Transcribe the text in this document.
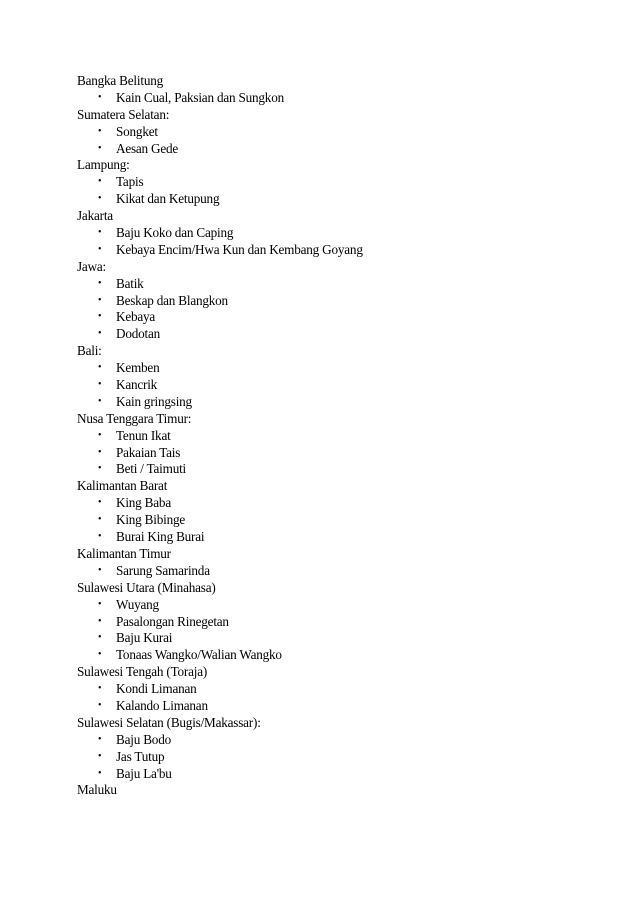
Bangka Belitung
• Kain Cual, Paksian dan Sungkon
Sumatera Selatan:
• Songket
• Aesan Gede
Lampung:
• Tapis
• Kikat dan Ketupung
Jakarta
• Baju Koko dan Caping
• Kebaya Encim/Hwa Kun dan Kembang Goyang
Jawa:
• Batik
• Beskap dan Blangkon
• Kebaya
• Dodotan
Bali:
• Kemben
• Kancrik
• Kain gringsing
Nusa Tenggara Timur:
• Tenun Ikat
• Pakaian Tais
• Beti / Taimuti
Kalimantan Barat
• King Baba
• King Bibinge
• Burai King Burai
Kalimantan Timur
• Sarung Samarinda
Sulawesi Utara (Minahasa)
• Wuyang
• Pasalongan Rinegetan
• Baju Kurai
• Tonaas Wangko/Walian Wangko
Sulawesi Tengah (Toraja)
• Kondi Limanan
• Kalando Limanan
Sulawesi Selatan (Bugis/Makassar):
• Baju Bodo
• Jas Tutup
• Baju La'bu
Maluku
